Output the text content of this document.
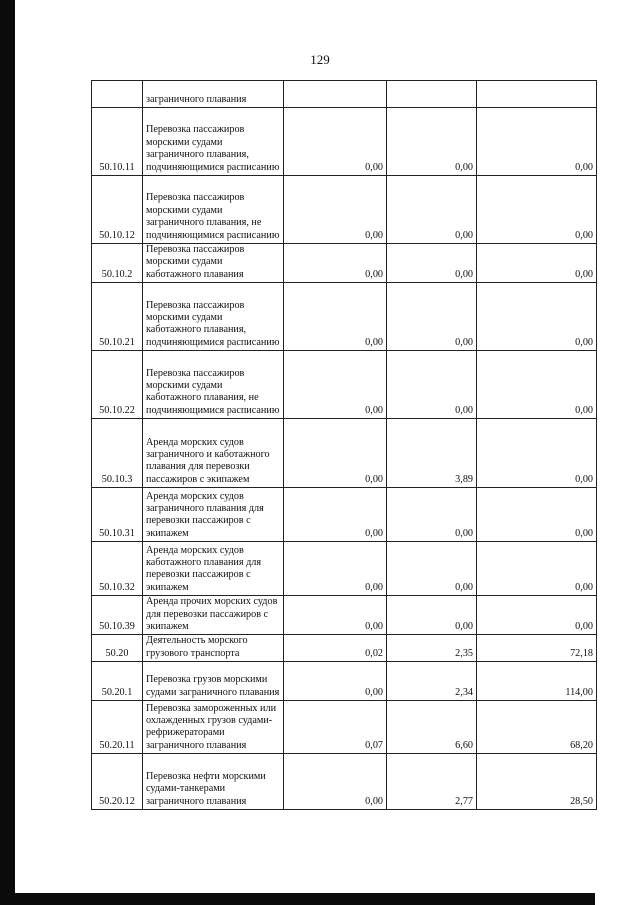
129
	заграничного плавания			
50.10.11	Перевозка пассажиров морскими судами заграничного плавания, подчиняющимися расписанию	0,00	0,00	0,00
50.10.12	Перевозка пассажиров морскими судами заграничного плавания, не подчиняющимися расписанию	0,00	0,00	0,00
50.10.2	Перевозка пассажиров морскими судами каботажного плавания	0,00	0,00	0,00
50.10.21	Перевозка пассажиров морскими судами каботажного плавания, подчиняющимися расписанию	0,00	0,00	0,00
50.10.22	Перевозка пассажиров морскими судами каботажного плавания, не подчиняющимися расписанию	0,00	0,00	0,00
50.10.3	Аренда морских судов заграничного и каботажного плавания для перевозки пассажиров с экипажем	0,00	3,89	0,00
50.10.31	Аренда морских судов заграничного плавания для перевозки пассажиров с экипажем	0,00	0,00	0,00
50.10.32	Аренда морских судов каботажного плавания для перевозки пассажиров с экипажем	0,00	0,00	0,00
50.10.39	Аренда прочих морских судов для перевозки пассажиров с экипажем	0,00	0,00	0,00
50.20	Деятельность морского грузового транспорта	0,02	2,35	72,18
50.20.1	Перевозка грузов морскими судами заграничного плавания	0,00	2,34	114,00
50.20.11	Перевозка замороженных или охлажденных грузов судами-рефрижераторами заграничного плавания	0,07	6,60	68,20
50.20.12	Перевозка нефти морскими судами-танкерами заграничного плавания	0,00	2,77	28,50
